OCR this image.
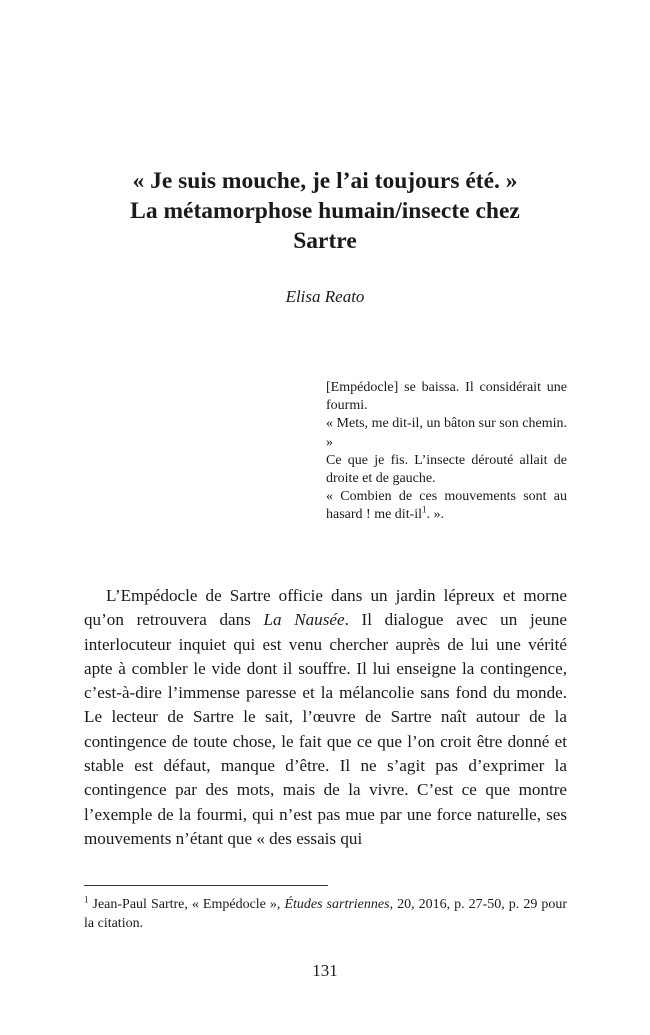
« Je suis mouche, je l’ai toujours été. »
La métamorphose humain/insecte chez
Sartre
Elisa Reato

[Empédocle] se baissa. Il considérait une fourmi.

« Mets, me dit-il, un bâton sur son chemin. »

Ce que je fis. L’insecte dérouté allait de droite et de gauche.

« Combien de ces mouvements sont au hasard ! me dit-$il^1$. ».

L’Empédocle de Sartre officie dans un jardin lépreux et morne qu’on retrouvera dans La Nausée. Il dialogue avec un jeune interlocuteur inquiet qui est venu chercher auprès de lui une vérité apte à combler le vide dont il souffre. Il lui enseigne la contingence, c’est-à-dire l’immense paresse et la mélancolie sans fond du monde. Le lecteur de Sartre le sait, l’œuvre de Sartre naît autour de la contingence de toute chose, le fait que ce que l’on croit être donné et stable est défaut, manque d’être. Il ne s’agit pas d’exprimer la contingence par des mots, mais de la vivre. C’est ce que montre l’exemple de la fourmi, qui n’est pas mue par une force naturelle, ses mouvements n’étant que « des essais qui

$^1$ Jean-Paul Sartre, « Empédocle », Études sartriennes, 20, 2016, p. 27-50, p. 29 pour la citation.

131
